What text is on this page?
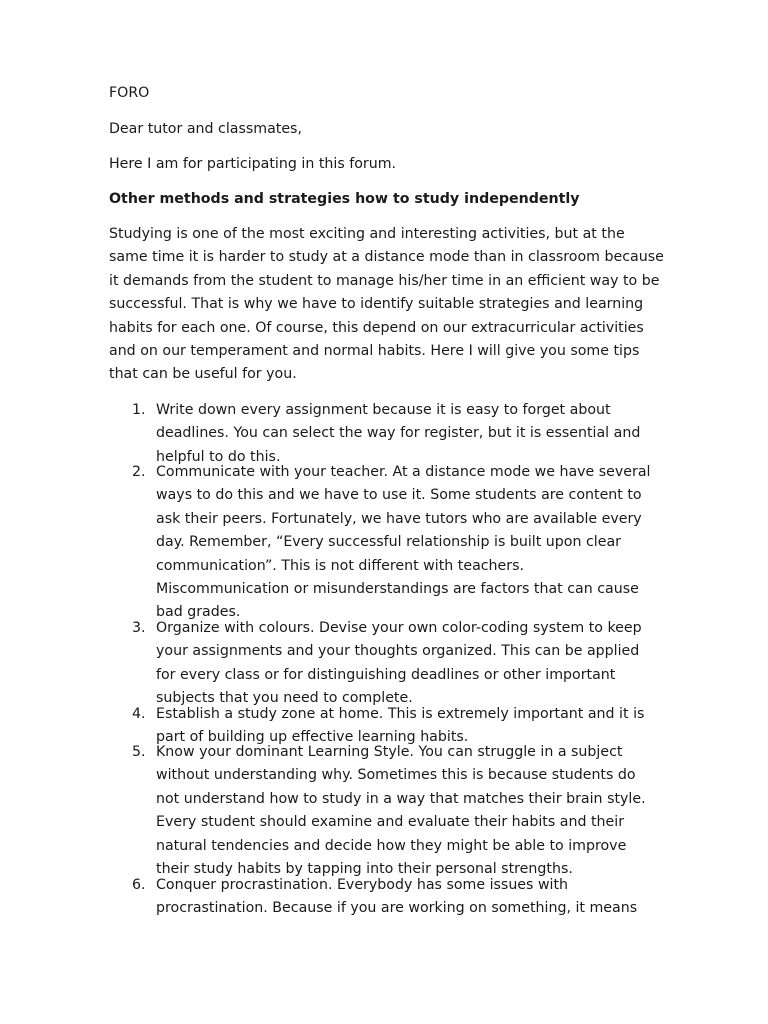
FORO

Dear tutor and classmates,

Here I am for participating in this forum.

Other methods and strategies how to study independently

Studying is one of the most exciting and interesting activities, but at the same time it is harder to study at a distance mode than in classroom because it demands from the student to manage his/her time in an efficient way to be successful. That is why we have to identify suitable strategies and learning habits for each one. Of course, this depend on our extracurricular activities and on our temperament and normal habits. Here I will give you some tips that can be useful for you.

1. Write down every assignment because it is easy to forget about deadlines. You can select the way for register, but it is essential and helpful to do this.
2. Communicate with your teacher. At a distance mode we have several ways to do this and we have to use it. Some students are content to ask their peers. Fortunately, we have tutors who are available every day. Remember, “Every successful relationship is built upon clear communication”. This is not different with teachers. Miscommunication or misunderstandings are factors that can cause bad grades.
3. Organize with colours. Devise your own color-coding system to keep your assignments and your thoughts organized. This can be applied for every class or for distinguishing deadlines or other important subjects that you need to complete.
4. Establish a study zone at home. This is extremely important and it is part of building up effective learning habits.
5. Know your dominant Learning Style. You can struggle in a subject without understanding why. Sometimes this is because students do not understand how to study in a way that matches their brain style. Every student should examine and evaluate their habits and their natural tendencies and decide how they might be able to improve their study habits by tapping into their personal strengths.
6. Conquer procrastination. Everybody has some issues with procrastination. Because if you are working on something, it means
